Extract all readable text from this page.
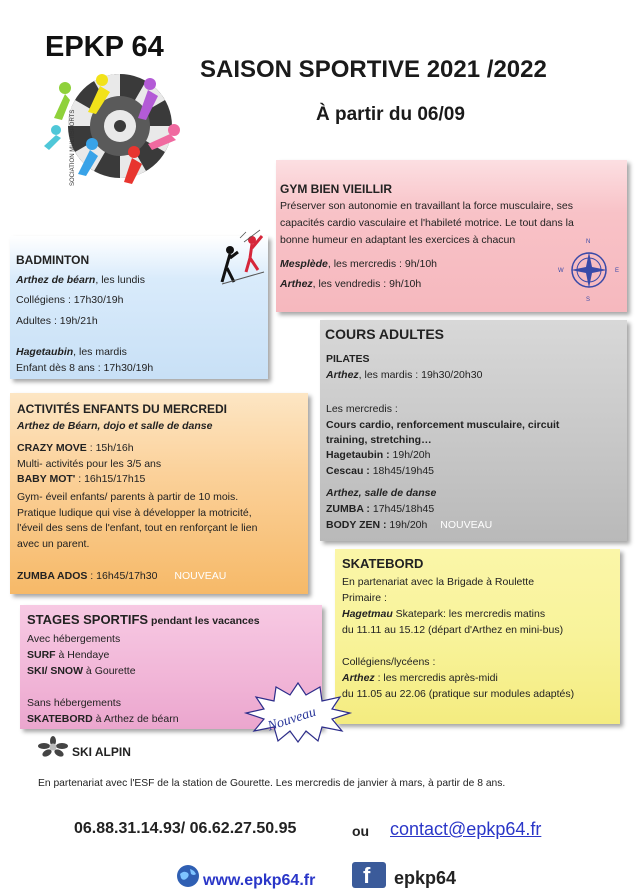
EPKP 64
ASSOCIATION MULTISPORTS
SAISON SPORTIVE 2021 /2022
À partir du 06/09
GYM BIEN VIEILLIR
Préserver son autonomie en travaillant la force musculaire, ses
capacités cardio vasculaire et l'habileté motrice. Le tout dans la
bonne humeur en adaptant les exercices à chacun
Mesplède, les mercredis : 9h/10h
Arthez, les vendredis : 9h/10h
N
S
W	E
BADMINTON
Arthez de béarn, les lundis
Collégiens : 17h30/19h
Adultes : 19h/21h
Hagetaubin, les mardis
Enfant dès 8 ans : 17h30/19h
COURS ADULTES
PILATES
Arthez, les mardis : 19h30/20h30
Les mercredis :
Cours cardio, renforcement musculaire, circuit
training, stretching…
Hagetaubin : 19h/20h
Cescau : 18h45/19h45
Arthez, salle de danse
ZUMBA : 17h45/18h45
BODY ZEN : 19h/20h NOUVEAU
ACTIVITÉS ENFANTS DU MERCREDI
Arthez de Béarn, dojo et salle de danse
CRAZY MOVE : 15h/16h
Multi- activités pour les 3/5 ans
BABY MOT' : 16h15/17h15
Gym- éveil enfants/ parents à partir de 10 mois.
Pratique ludique qui vise à développer la motricité,
l'éveil des sens de l'enfant, tout en renforçant le lien
avec un parent.
ZUMBA ADOS : 16h45/17h30 NOUVEAU
SKATEBORD
En partenariat avec la Brigade à Roulette
Primaire :
Hagetmau Skatepark: les mercredis matins
du 11.11 au 15.12 (départ d'Arthez en mini-bus)
Collégiens/lycéens :
Arthez : les mercredis après-midi
du 11.05 au 22.06 (pratique sur modules adaptés)
STAGES SPORTIFS pendant les vacances
Avec hébergements
SURF à Hendaye
SKI/ SNOW à Gourette
Sans hébergements
SKATEBORD à Arthez de béarn	Nouveau
SKI ALPIN
En partenariat avec l'ESF de la station de Gourette. Les mercredis de janvier à mars, à partir de 8 ans.
06.88.31.14.93/ 06.62.27.50.95	ou contact@epkp64.fr
www.epkp64.fr f epkp64
